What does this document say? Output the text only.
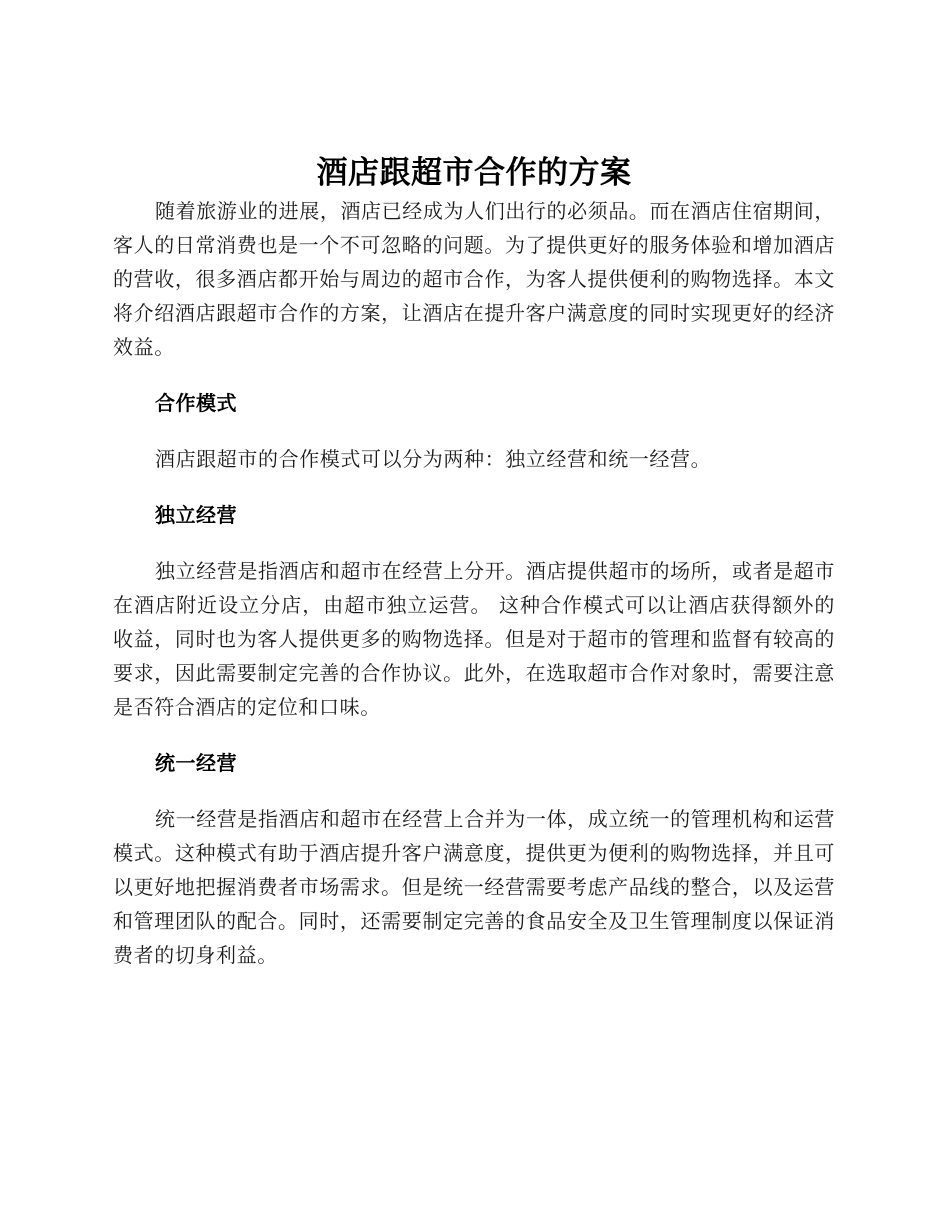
酒店跟超市合作的方案

随着旅游业的进展，酒店已经成为人们出行的必须品。而在酒店住宿期间，客人的日常消费也是一个不可忽略的问题。为了提供更好的服务体验和增加酒店的营收，很多酒店都开始与周边的超市合作，为客人提供便利的购物选择。本文将介绍酒店跟超市合作的方案，让酒店在提升客户满意度的同时实现更好的经济效益。

合作模式

酒店跟超市的合作模式可以分为两种：独立经营和统一经营。

独立经营

独立经营是指酒店和超市在经营上分开。酒店提供超市的场所，或者是超市在酒店附近设立分店，由超市独立运营。 这种合作模式可以让酒店获得额外的收益，同时也为客人提供更多的购物选择。但是对于超市的管理和监督有较高的要求，因此需要制定完善的合作协议。此外，在选取超市合作对象时，需要注意是否符合酒店的定位和口味。

统一经营

统一经营是指酒店和超市在经营上合并为一体，成立统一的管理机构和运营模式。这种模式有助于酒店提升客户满意度，提供更为便利的购物选择，并且可以更好地把握消费者市场需求。但是统一经营需要考虑产品线的整合，以及运营和管理团队的配合。同时，还需要制定完善的食品安全及卫生管理制度以保证消费者的切身利益。
